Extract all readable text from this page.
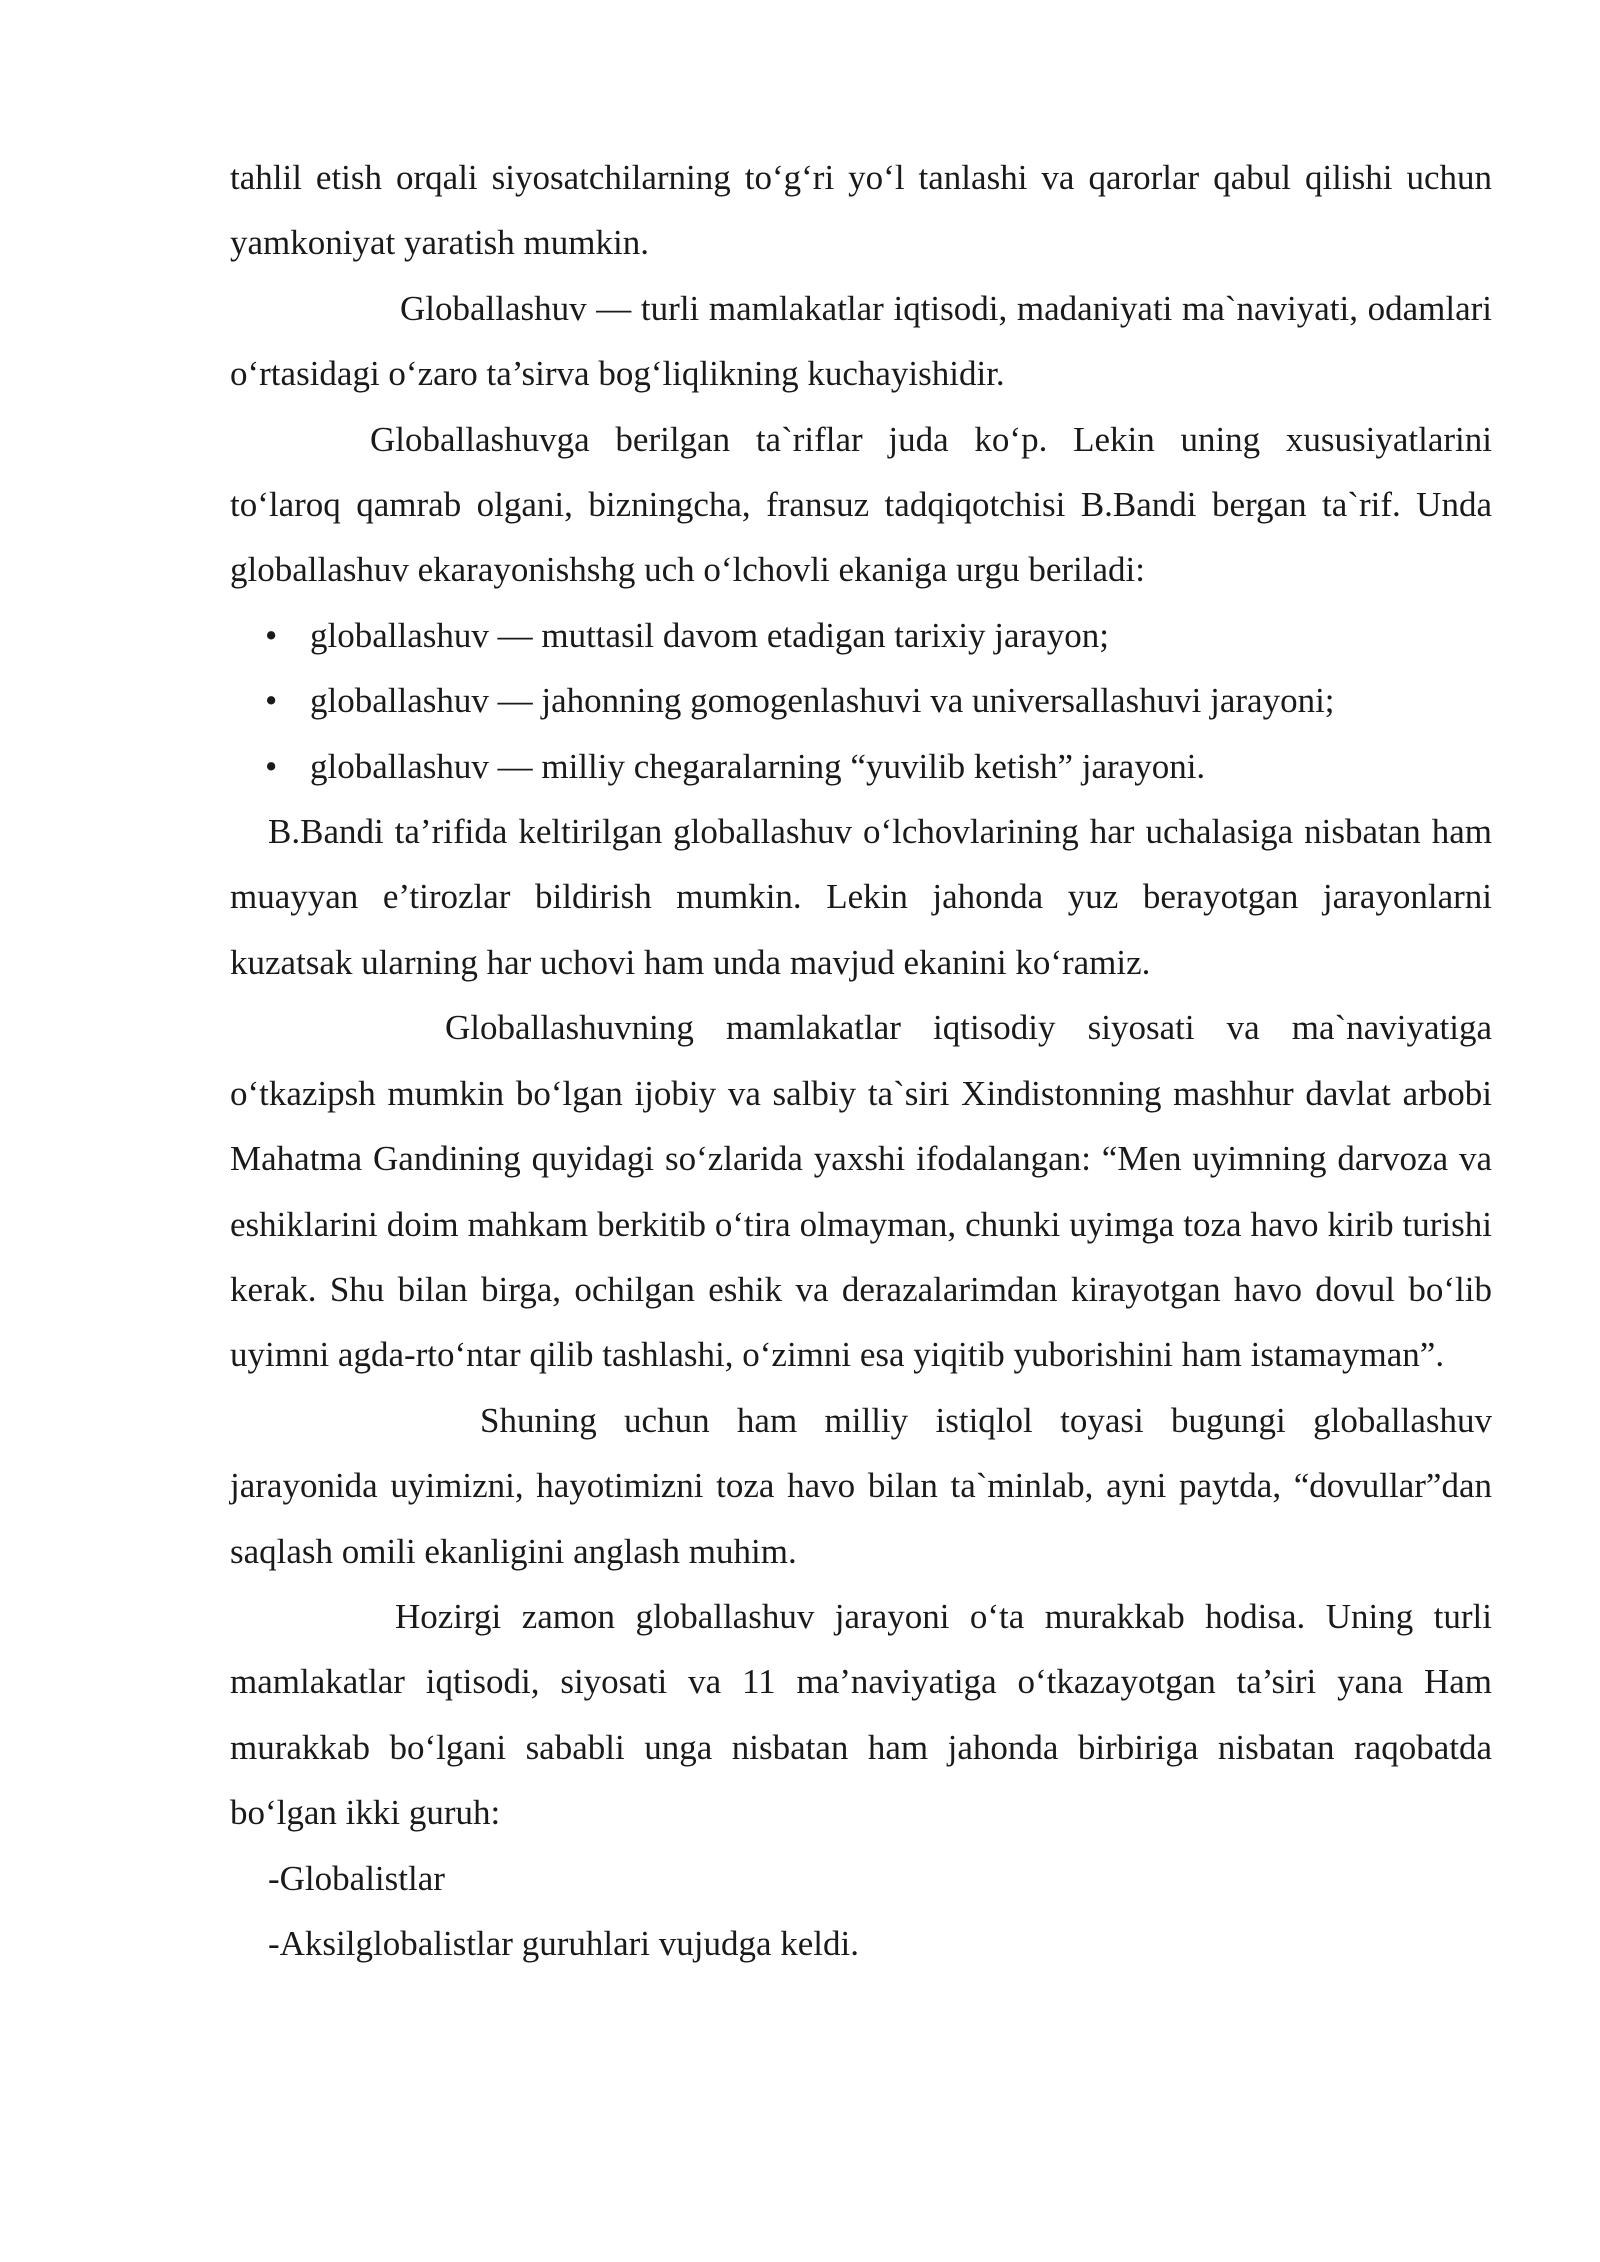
tahlil etish orqali siyosatchilarning to‘g‘ri yo‘l tanlashi va qarorlar qabul qilishi uchun yamkoniyat yaratish mumkin.

Globallashuv — turli mamlakatlar iqtisodi, madaniyati ma`naviyati, odamlari o‘rtasidagi o‘zaro ta’sirva bog‘liqlikning kuchayishidir.

Globallashuvga berilgan ta`riflar juda ko‘p. Lekin uning xususiyatlarini to‘laroq qamrab olgani, bizningcha, fransuz tadqiqotchisi B.Bandi bergan ta`rif. Unda globallashuv ekarayonishshg uch o‘lchovli ekaniga urgu beriladi:

• globallashuv — muttasil davom etadigan tarixiy jarayon;
• globallashuv — jahonning gomogenlashuvi va universallashuvi jarayoni;
• globallashuv — milliy chegaralarning “yuvilib ketish” jarayoni.

B.Bandi ta’rifida keltirilgan globallashuv o‘lchovlarining har uchalasiga nisbatan ham muayyan e’tirozlar bildirish mumkin. Lekin jahonda yuz berayotgan jarayonlarni kuzatsak ularning har uchovi ham unda mavjud ekanini ko‘ramiz.

Globallashuvning mamlakatlar iqtisodiy siyosati va ma`naviyatiga o‘tkazipsh mumkin bo‘lgan ijobiy va salbiy ta`siri Xindistonning mashhur davlat arbobi Mahatma Gandining quyidagi so‘zlarida yaxshi ifodalangan: “Men uyimning darvoza va eshiklarini doim mahkam berkitib o‘tira olmayman, chunki uyimga toza havo kirib turishi kerak. Shu bilan birga, ochilgan eshik va derazalarimdan kirayotgan havo dovul bo‘lib uyimni agda-rto‘ntar qilib tashlashi, o‘zimni esa yiqitib yuborishini ham istamayman”.

Shuning uchun ham milliy istiqlol toyasi bugungi globallashuv jarayonida uyimizni, hayotimizni toza havo bilan ta`minlab, ayni paytda, “dovullar”dan saqlash omili ekanligini anglash muhim.

Hozirgi zamon globallashuv jarayoni o‘ta murakkab hodisa. Uning turli mamlakatlar iqtisodi, siyosati va 11 ma’naviyatiga o‘tkazayotgan ta’siri yana Ham murakkab bo‘lgani sababli unga nisbatan ham jahonda birbiriga nisbatan raqobatda bo‘lgan ikki guruh:

-Globalistlar

-Aksilglobalistlar guruhlari vujudga keldi.
